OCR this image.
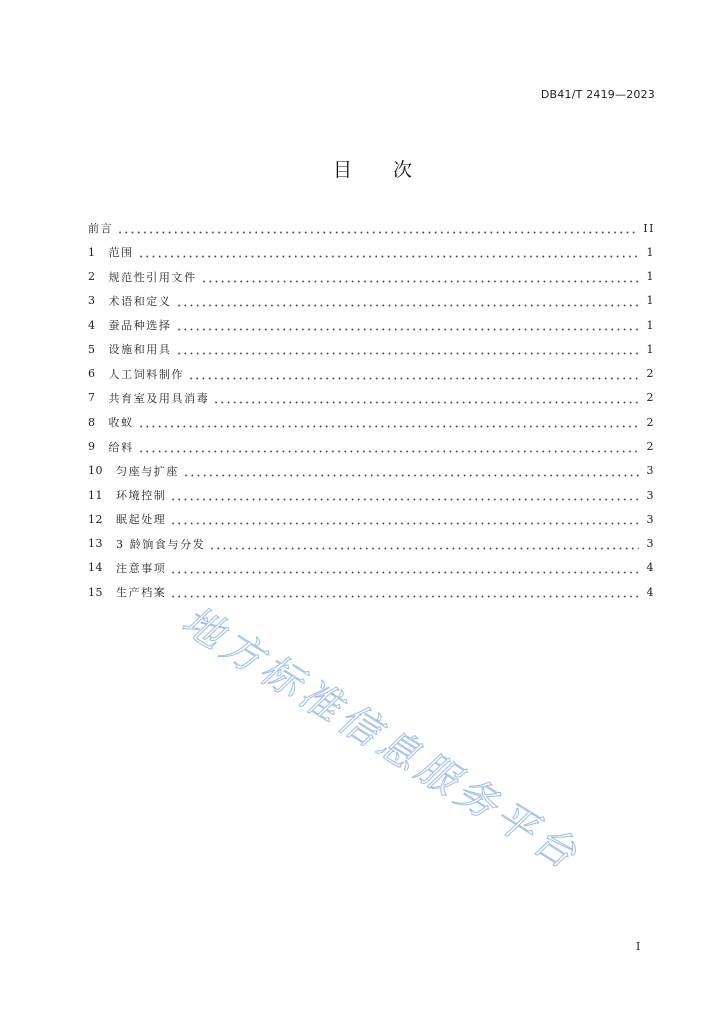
DB41/T 2419—2023
目　　次
前言	II
1 范围	1
2 规范性引用文件	1
3 术语和定义	1
4 蚕品种选择	1
5 设施和用具	1
6 人工饲料制作	2
7 共育室及用具消毒	2
8 收蚁	2
9 给料	2
10 匀座与扩座	3
11 环境控制	3
12 眠起处理	3
13 3 龄饷食与分发	3
14 注意事项	4
15 生产档案	4
地方标准信息服务平台
I
